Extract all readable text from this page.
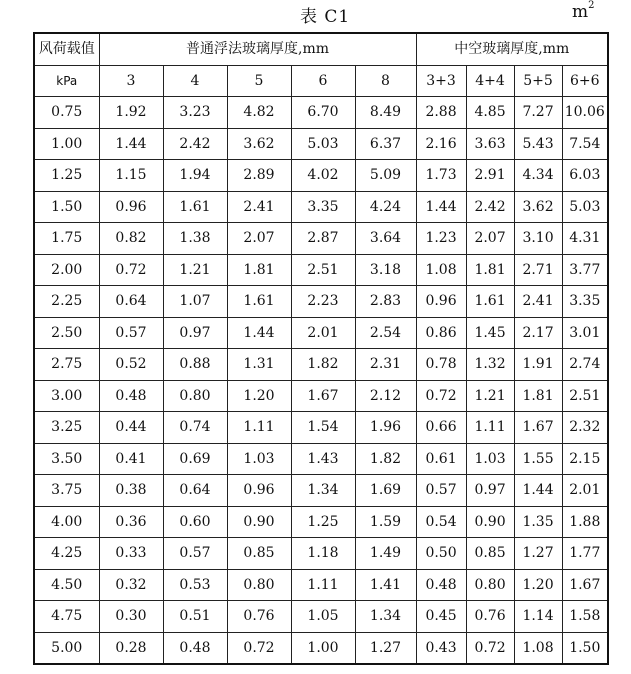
表 C1	$m^2$
风荷载值	普通浮法玻璃厚度,mm					中空玻璃厚度,mm			
kPa	3	4	5	6	8	3+3	4+4	5+5	6+6
0.75	1.92	3.23	4.82	6.70	8.49	2.88	4.85	7.27	10.06
1.00	1.44	2.42	3.62	5.03	6.37	2.16	3.63	5.43	7.54
1.25	1.15	1.94	2.89	4.02	5.09	1.73	2.91	4.34	6.03
1.50	0.96	1.61	2.41	3.35	4.24	1.44	2.42	3.62	5.03
1.75	0.82	1.38	2.07	2.87	3.64	1.23	2.07	3.10	4.31
2.00	0.72	1.21	1.81	2.51	3.18	1.08	1.81	2.71	3.77
2.25	0.64	1.07	1.61	2.23	2.83	0.96	1.61	2.41	3.35
2.50	0.57	0.97	1.44	2.01	2.54	0.86	1.45	2.17	3.01
2.75	0.52	0.88	1.31	1.82	2.31	0.78	1.32	1.91	2.74
3.00	0.48	0.80	1.20	1.67	2.12	0.72	1.21	1.81	2.51
3.25	0.44	0.74	1.11	1.54	1.96	0.66	1.11	1.67	2.32
3.50	0.41	0.69	1.03	1.43	1.82	0.61	1.03	1.55	2.15
3.75	0.38	0.64	0.96	1.34	1.69	0.57	0.97	1.44	2.01
4.00	0.36	0.60	0.90	1.25	1.59	0.54	0.90	1.35	1.88
4.25	0.33	0.57	0.85	1.18	1.49	0.50	0.85	1.27	1.77
4.50	0.32	0.53	0.80	1.11	1.41	0.48	0.80	1.20	1.67
4.75	0.30	0.51	0.76	1.05	1.34	0.45	0.76	1.14	1.58
5.00	0.28	0.48	0.72	1.00	1.27	0.43	0.72	1.08	1.50
